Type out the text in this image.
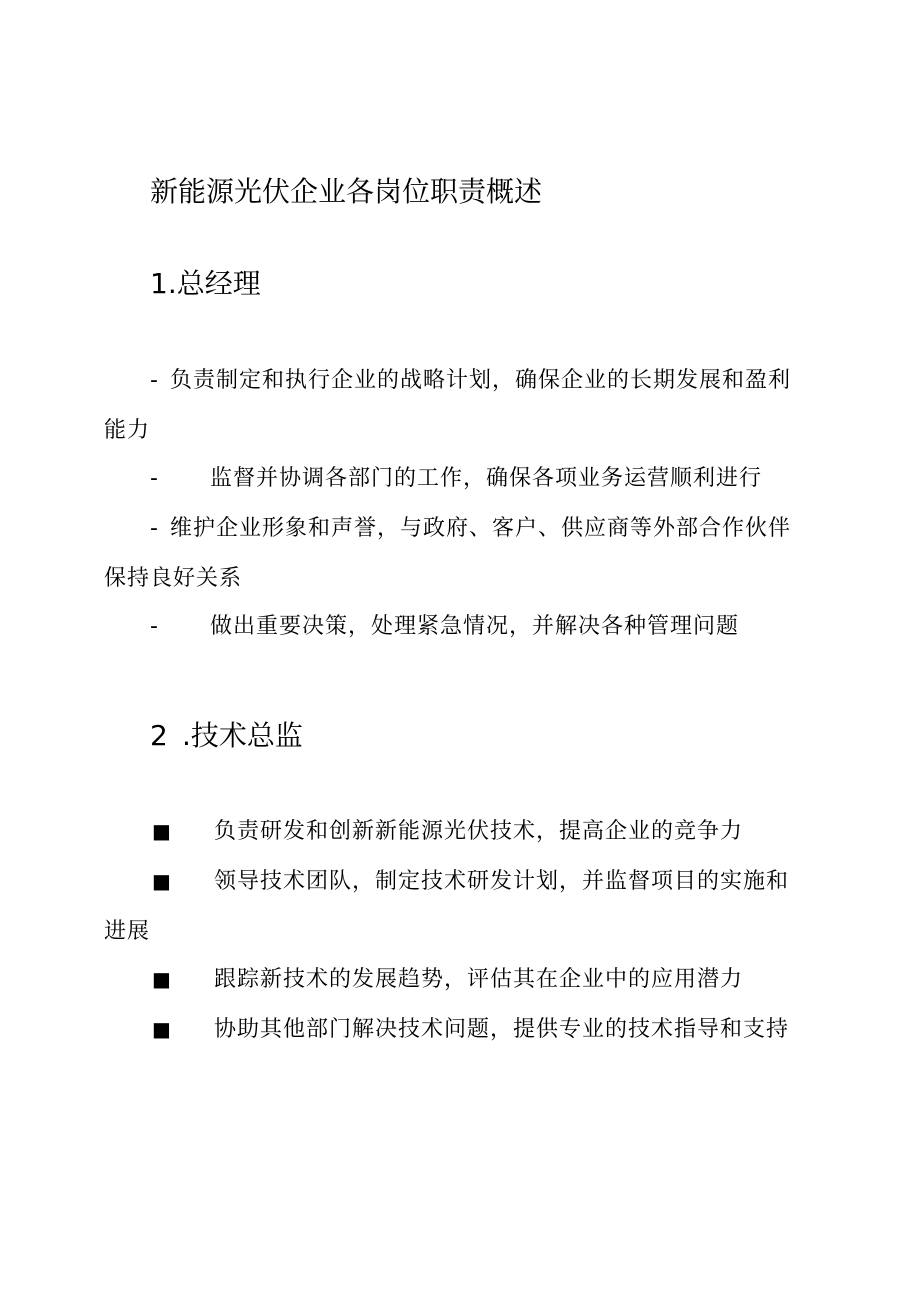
新能源光伏企业各岗位职责概述
1.总经理
- 负责制定和执行企业的战略计划，确保企业的长期发展和盈利
能力
- 监督并协调各部门的工作，确保各项业务运营顺利进行
- 维护企业形象和声誉，与政府、客户、供应商等外部合作伙伴
保持良好关系
- 做出重要决策，处理紧急情况，并解决各种管理问题
2 .技术总监
■ 负责研发和创新新能源光伏技术，提高企业的竞争力
■ 领导技术团队，制定技术研发计划，并监督项目的实施和
进展
■ 跟踪新技术的发展趋势，评估其在企业中的应用潜力
■ 协助其他部门解决技术问题，提供专业的技术指导和支持
